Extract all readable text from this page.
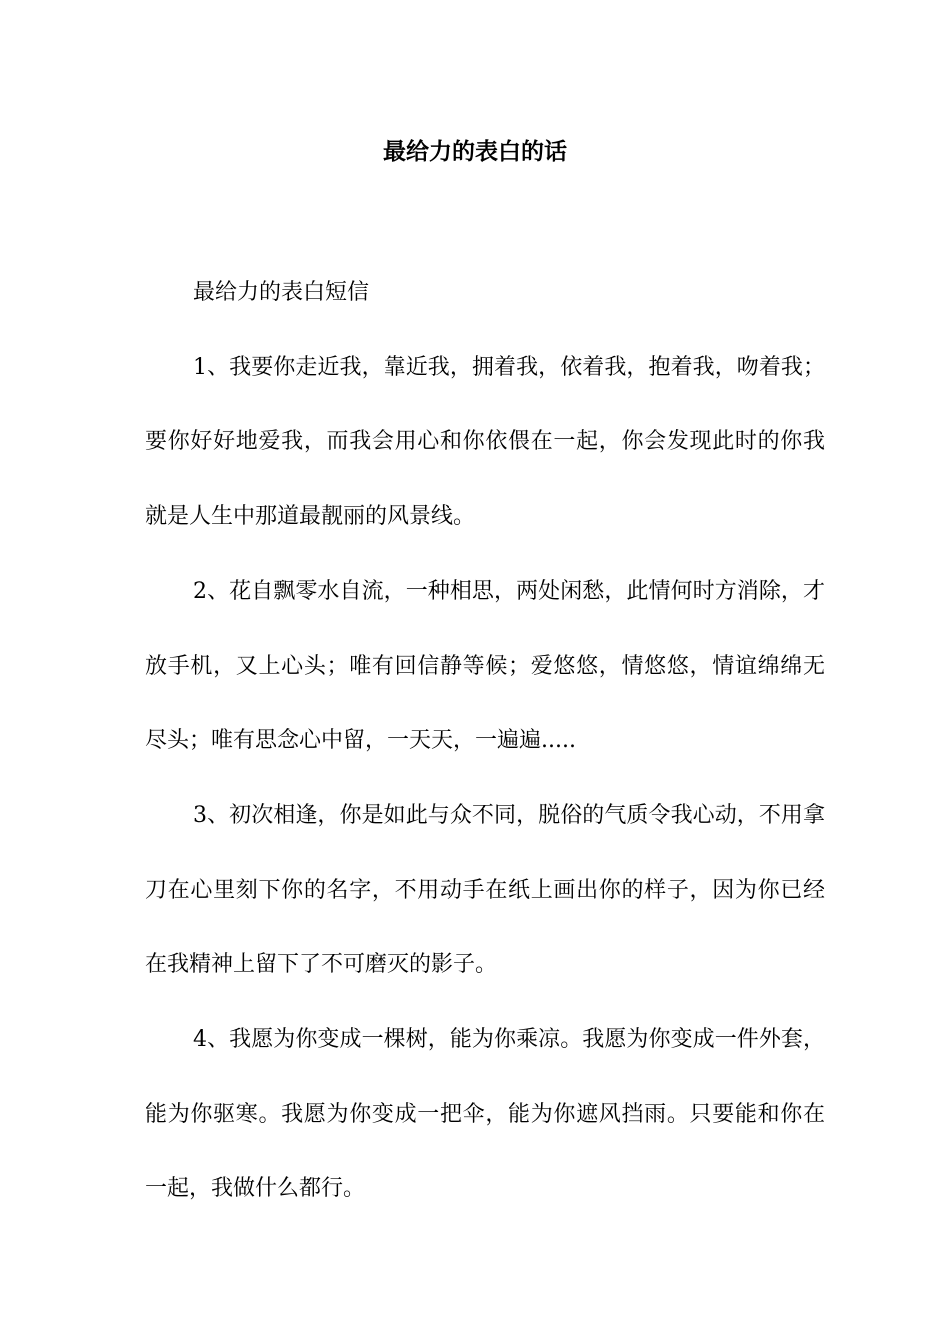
最给力的表白的话

最给力的表白短信

1、我要你走近我，靠近我，拥着我，依着我，抱着我，吻着我；要你好好地爱我，而我会用心和你依偎在一起，你会发现此时的你我就是人生中那道最靓丽的风景线。

2、花自飘零水自流，一种相思，两处闲愁，此情何时方消除，才放手机，又上心头；唯有回信静等候；爱悠悠，情悠悠，情谊绵绵无尽头；唯有思念心中留，一天天，一遍遍.....

3、初次相逢，你是如此与众不同，脱俗的气质令我心动，不用拿刀在心里刻下你的名字，不用动手在纸上画出你的样子，因为你已经在我精神上留下了不可磨灭的影子。

4、我愿为你变成一棵树，能为你乘凉。我愿为你变成一件外套，能为你驱寒。我愿为你变成一把伞，能为你遮风挡雨。只要能和你在一起，我做什么都行。
